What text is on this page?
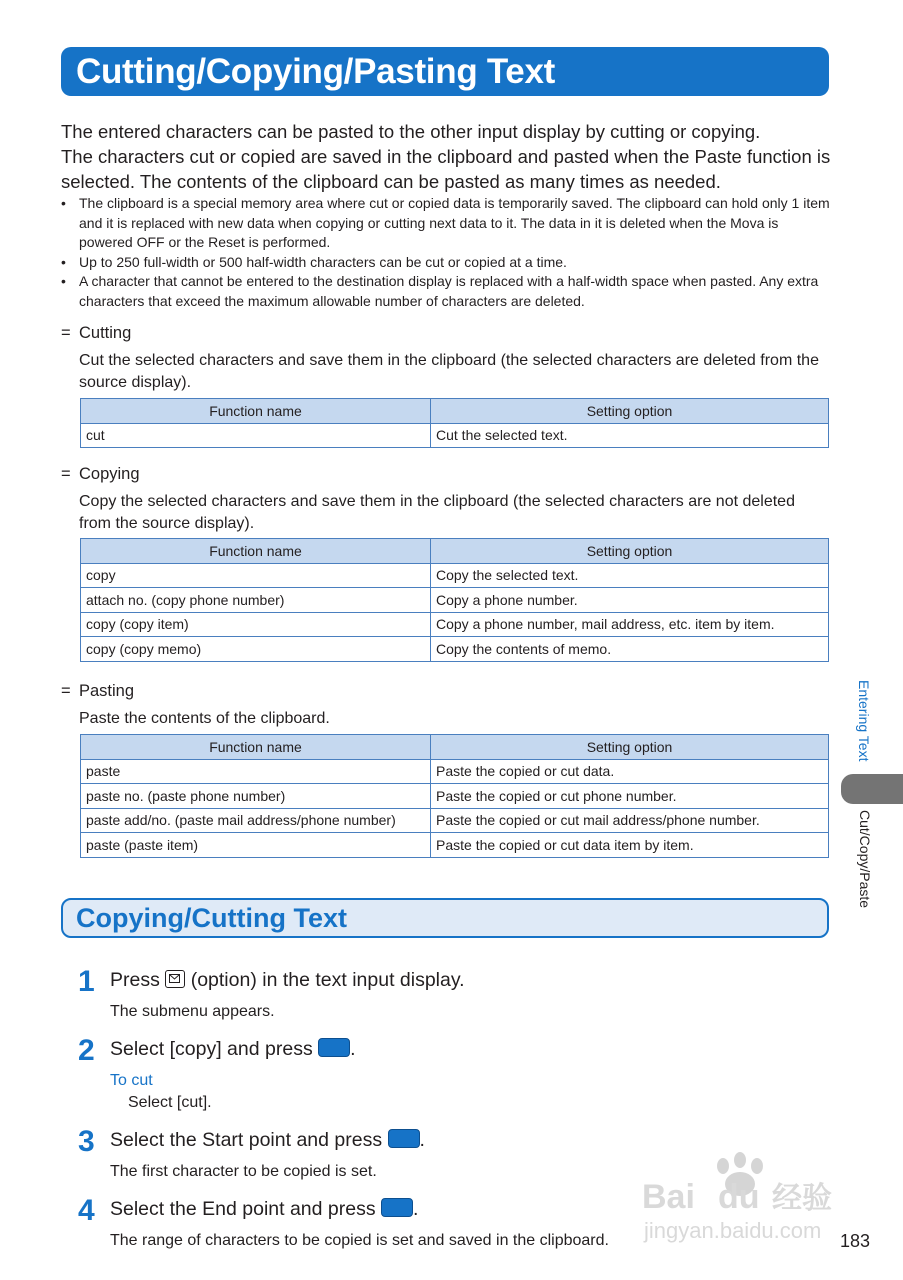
Cutting/Copying/Pasting Text

The entered characters can be pasted to the other input display by cutting or copying.

The characters cut or copied are saved in the clipboard and pasted when the Paste function is selected. The contents of the clipboard can be pasted as many times as needed.

• The clipboard is a special memory area where cut or copied data is temporarily saved. The clipboard can hold only 1 item and it is replaced with new data when copying or cutting next data to it. The data in it is deleted when the Mova is powered OFF or the Reset is performed.
• Up to 250 full-width or 500 half-width characters can be cut or copied at a time.
• A character that cannot be entered to the destination display is replaced with a half-width space when pasted. Any extra characters that exceed the maximum allowable number of characters are deleted.
= Cutting
Cut the selected characters and save them in the clipboard (the selected characters are deleted from the source display).
Function name	Setting option
cut	Cut the selected text.
= Copying
Copy the selected characters and save them in the clipboard (the selected characters are not deleted from the source display).
Function name	Setting option
copy	Copy the selected text.
attach no. (copy phone number)	Copy a phone number.
copy (copy item)	Copy a phone number, mail address, etc. item by item.
copy (copy memo)	Copy the contents of memo.
= Pasting
Paste the contents of the clipboard.
Function name	Setting option
paste	Paste the copied or cut data.
paste no. (paste phone number)	Paste the copied or cut phone number.
paste add/no. (paste mail address/phone number)	Paste the copied or cut mail address/phone number.
paste (paste item)	Paste the copied or cut data item by item.
Copying/Cutting Text
1 Press (option) in the text input display.
The submenu appears.
2 Select [copy] and press .
To cut
Select [cut].
3 Select the Start point and press .
The first character to be copied is set.
4 Select the End point and press .
The range of characters to be copied is set and saved in the clipboard.
Entering Text
Cut/Copy/Paste
183
Bai du 经验
jingyan.baidu.com
